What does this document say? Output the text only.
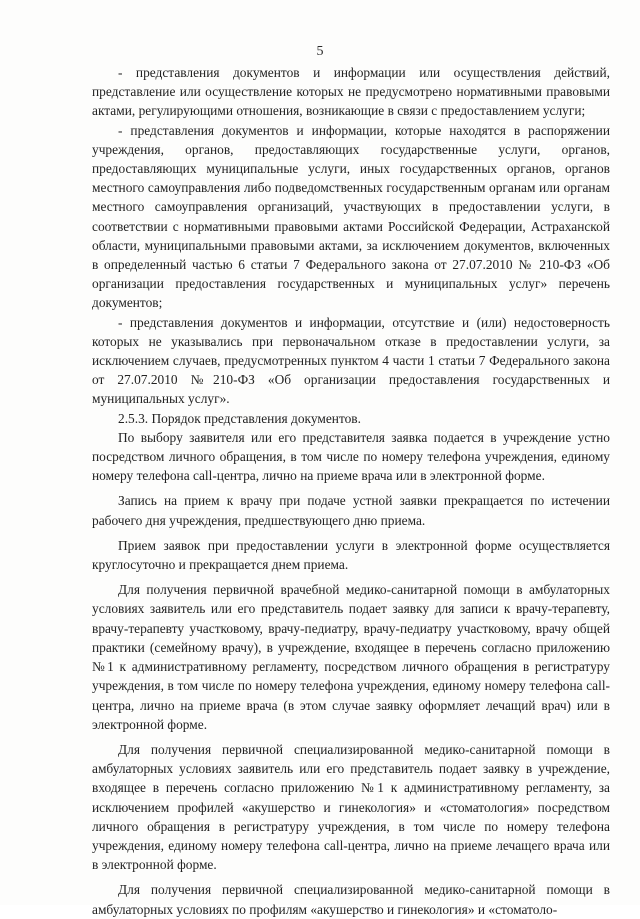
5

- представления документов и информации или осуществления действий, представление или осуществление которых не предусмотрено нормативными правовыми актами, регулирующими отношения, возникающие в связи с предоставлением услуги;

- представления документов и информации, которые находятся в распоряжении учреждения, органов, предоставляющих государственные услуги, органов, предоставляющих муниципальные услуги, иных государственных органов, органов местного самоуправления либо подведомственных государственным органам или органам местного самоуправления организаций, участвующих в предоставлении услуги, в соответствии с нормативными правовыми актами Российской Федерации, Астраханской области, муниципальными правовыми актами, за исключением документов, включенных в определенный частью 6 статьи 7 Федерального закона от 27.07.2010 № 210-ФЗ «Об организации предоставления государственных и муниципальных услуг» перечень документов;

- представления документов и информации, отсутствие и (или) недостоверность которых не указывались при первоначальном отказе в предоставлении услуги, за исключением случаев, предусмотренных пунктом 4 части 1 статьи 7 Федерального закона от 27.07.2010 №210-ФЗ «Об организации предоставления государственных и муниципальных услуг».

2.5.3. Порядок представления документов.

По выбору заявителя или его представителя заявка подается в учреждение устно посредством личного обращения, в том числе по номеру телефона учреждения, единому номеру телефона call-центра, лично на приеме врача или в электронной форме.

Запись на прием к врачу при подаче устной заявки прекращается по истечении рабочего дня учреждения, предшествующего дню приема.

Прием заявок при предоставлении услуги в электронной форме осуществляется круглосуточно и прекращается днем приема.

Для получения первичной врачебной медико-санитарной помощи в амбулаторных условиях заявитель или его представитель подает заявку для записи к врачу-терапевту, врачу-терапевту участковому, врачу-педиатру, врачу-педиатру участковому, врачу общей практики (семейному врачу), в учреждение, входящее в перечень согласно приложению №1 к административному регламенту, посредством личного обращения в регистратуру учреждения, в том числе по номеру телефона учреждения, единому номеру телефона call-центра, лично на приеме врача (в этом случае заявку оформляет лечащий врач) или в электронной форме.

Для получения первичной специализированной медико-санитарной помощи в амбулаторных условиях заявитель или его представитель подает заявку в учреждение, входящее в перечень согласно приложению №1 к административному регламенту, за исключением профилей «акушерство и гинекология» и «стоматология» посредством личного обращения в регистратуру учреждения, в том числе по номеру телефона учреждения, единому номеру телефона call-центра, лично на приеме лечащего врача или в электронной форме.

Для получения первичной специализированной медико-санитарной помощи в амбулаторных условиях по профилям «акушерство и гинекология» и «стоматоло-
